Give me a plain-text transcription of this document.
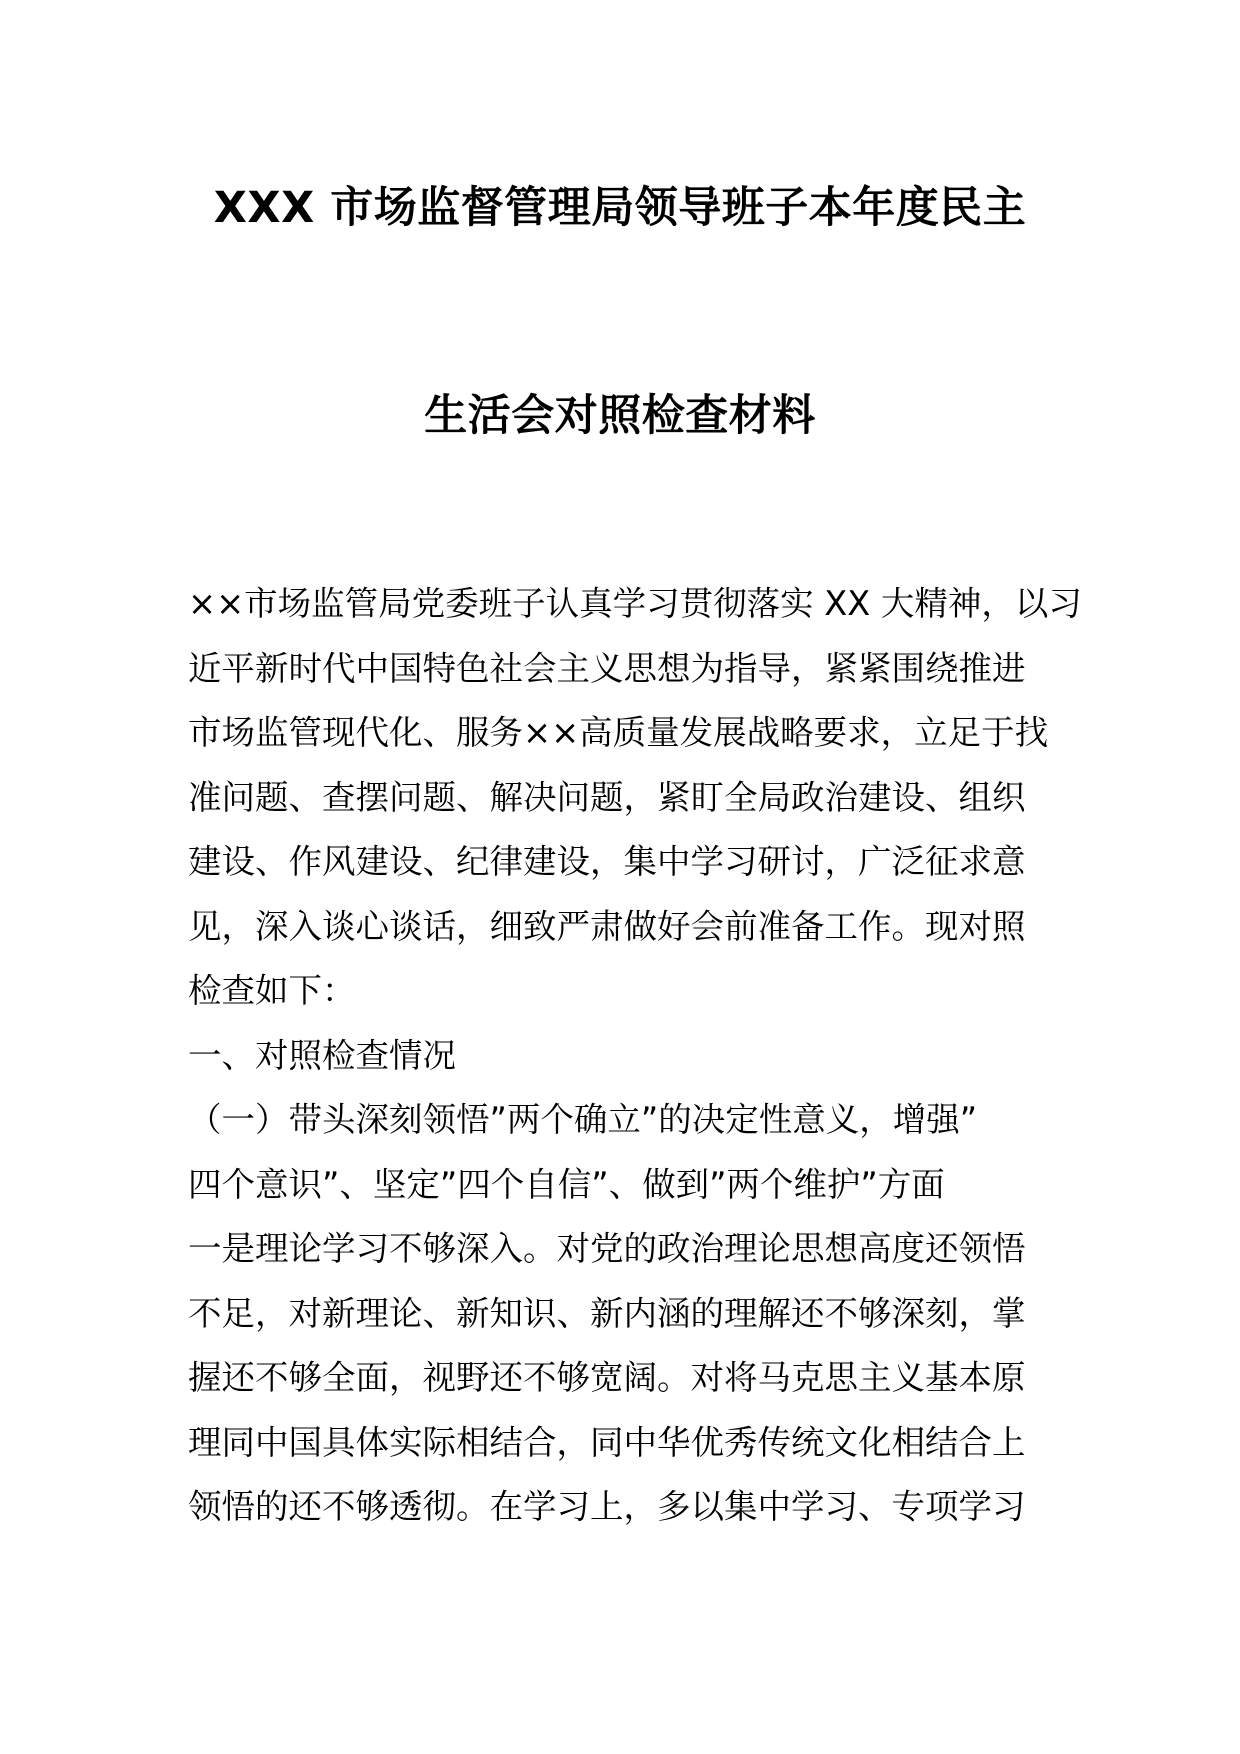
XXX 市场监督管理局领导班子本年度民主
生活会对照检查材料
××市场监管局党委班子认真学习贯彻落实 XX 大精神，以习
近平新时代中国特色社会主义思想为指导，紧紧围绕推进
市场监管现代化、服务××高质量发展战略要求，立足于找
准问题、查摆问题、解决问题，紧盯全局政治建设、组织
建设、作风建设、纪律建设，集中学习研讨，广泛征求意
见，深入谈心谈话，细致严肃做好会前准备工作。现对照
检查如下：
一、对照检查情况
（一）带头深刻领悟”两个确立”的决定性意义，增强”
四个意识”、坚定”四个自信”、做到”两个维护”方面
一是理论学习不够深入。对党的政治理论思想高度还领悟
不足，对新理论、新知识、新内涵的理解还不够深刻，掌
握还不够全面，视野还不够宽阔。对将马克思主义基本原
理同中国具体实际相结合，同中华优秀传统文化相结合上
领悟的还不够透彻。在学习上，多以集中学习、专项学习
